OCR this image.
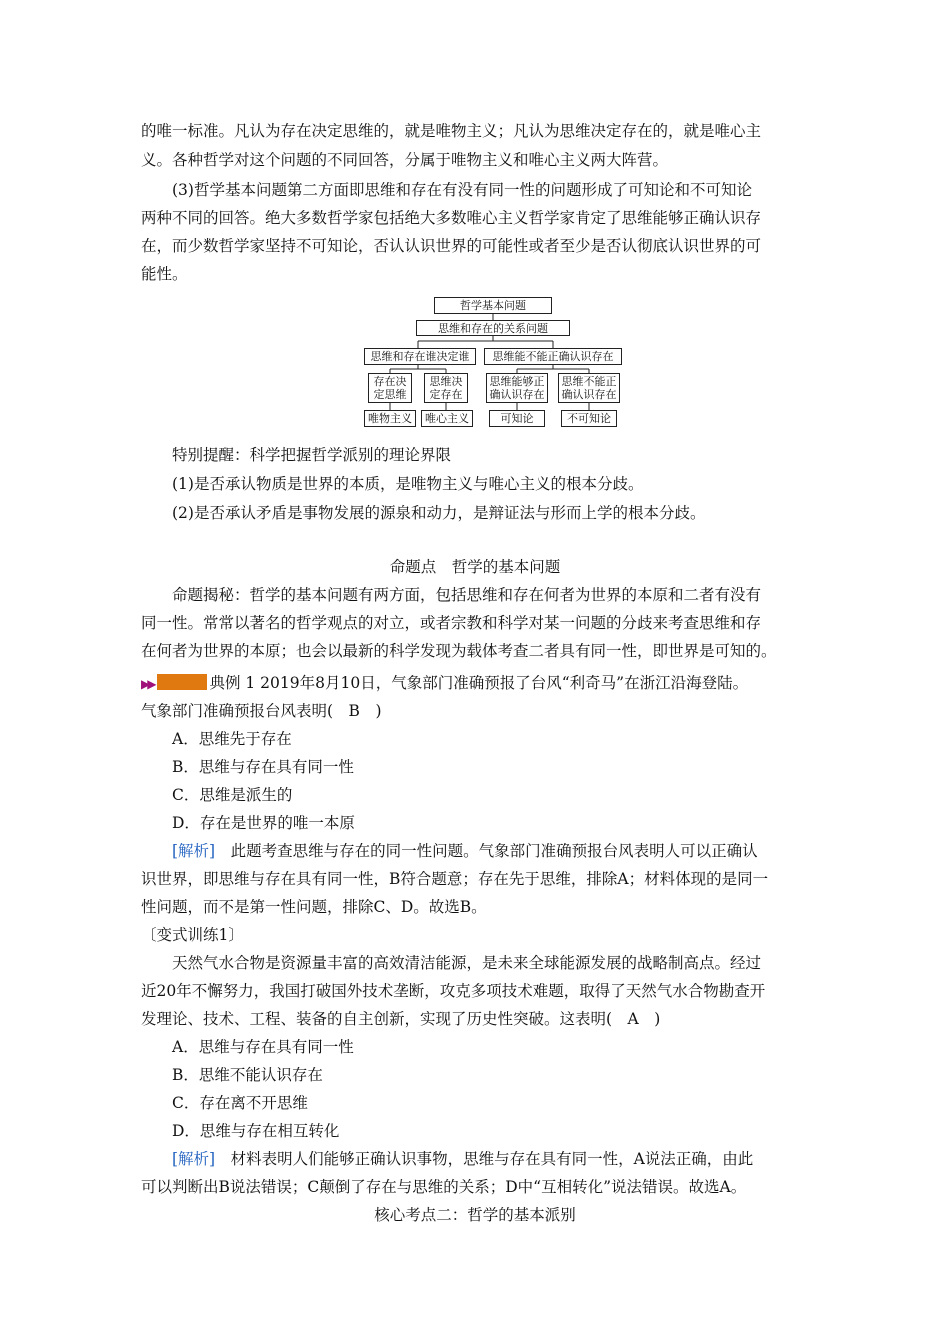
的唯一标准。凡认为存在决定思维的，就是唯物主义；凡认为思维决定存在的，就是唯心主
义。各种哲学对这个问题的不同回答，分属于唯物主义和唯心主义两大阵营。
(3)哲学基本问题第二方面即思维和存在有没有同一性的问题形成了可知论和不可知论
两种不同的回答。绝大多数哲学家包括绝大多数唯心主义哲学家肯定了思维能够正确认识存
在，而少数哲学家坚持不可知论，否认认识世界的可能性或者至少是否认彻底认识世界的可
能性。
哲学基本问题
思维和存在的关系问题
思维和存在谁决定谁	思维能不能正确认识存在
存在决定思维
思维决定存在
思维能够正确认识存在
思维不能正确认识存在
唯物主义	唯心主义	可知论	不可知论
特别提醒：科学把握哲学派别的理论界限
(1)是否承认物质是世界的本质，是唯物主义与唯心主义的根本分歧。
(2)是否承认矛盾是事物发展的源泉和动力，是辩证法与形而上学的根本分歧。
命题点　哲学的基本问题
命题揭秘：哲学的基本问题有两方面，包括思维和存在何者为世界的本原和二者有没有
同一性。常常以著名的哲学观点的对立，或者宗教和科学对某一问题的分歧来考查思维和存
在何者为世界的本原；也会以最新的科学发现为载体考查二者具有同一性，即世界是可知的。
▶▶	典例 1 2019年8月10日，气象部门准确预报了台风“利奇马”在浙江沿海登陆。
气象部门准确预报台风表明(　B　)
A．思维先于存在
B．思维与存在具有同一性
C．思维是派生的
D．存在是世界的唯一本原
[解析]　此题考查思维与存在的同一性问题。气象部门准确预报台风表明人可以正确认
识世界，即思维与存在具有同一性，B符合题意；存在先于思维，排除A；材料体现的是同一
性问题，而不是第一性问题，排除C、D。故选B。
〔变式训练1〕
天然气水合物是资源量丰富的高效清洁能源，是未来全球能源发展的战略制高点。经过
近20年不懈努力，我国打破国外技术垄断，攻克多项技术难题，取得了天然气水合物勘查开
发理论、技术、工程、装备的自主创新，实现了历史性突破。这表明(　A　)
A．思维与存在具有同一性
B．思维不能认识存在
C．存在离不开思维
D．思维与存在相互转化
[解析]　材料表明人们能够正确认识事物，思维与存在具有同一性，A说法正确，由此
可以判断出B说法错误；C颠倒了存在与思维的关系；D中“互相转化”说法错误。故选A。
核心考点二：哲学的基本派别
